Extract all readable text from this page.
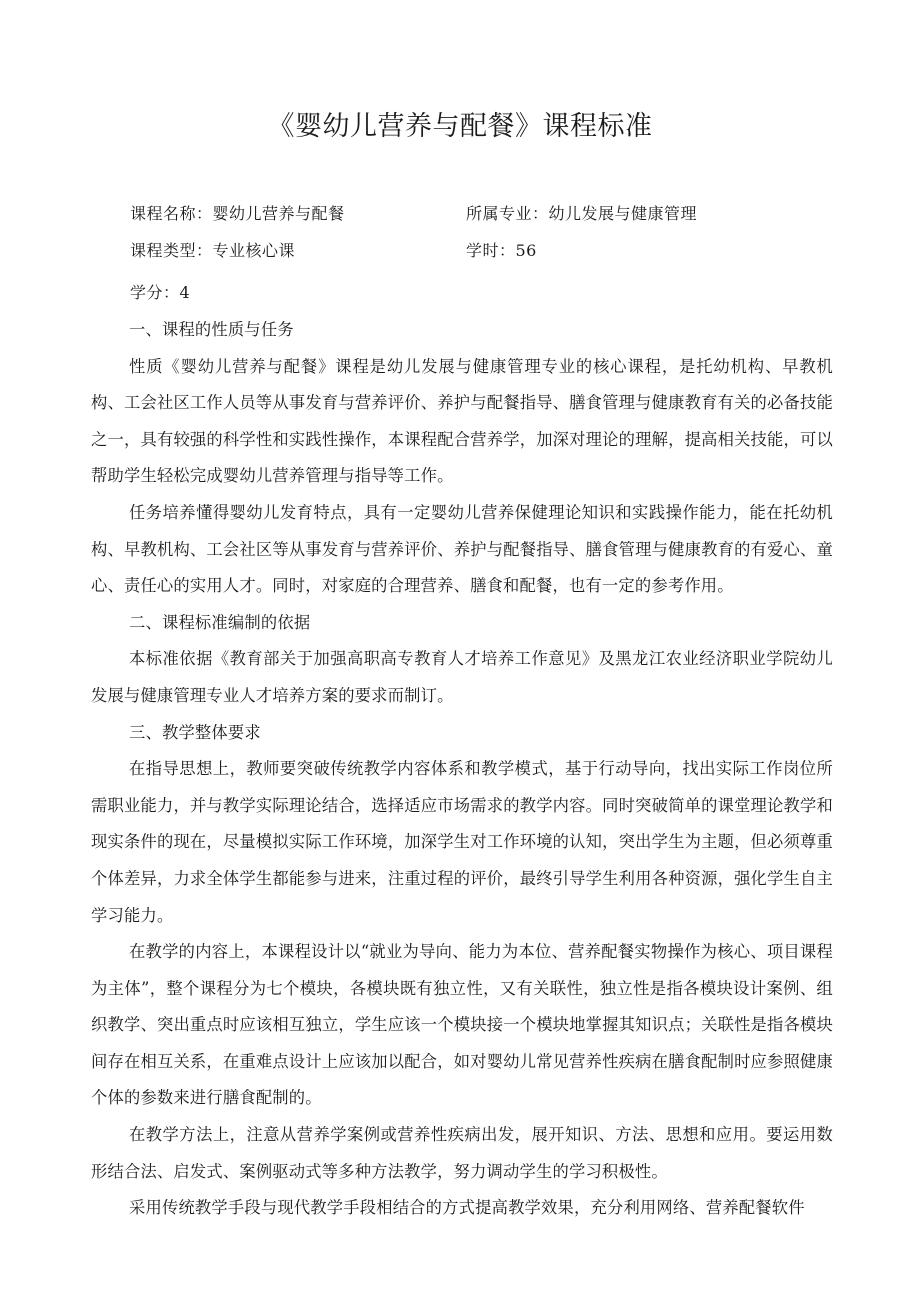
《婴幼儿营养与配餐》课程标准
课程名称：婴幼儿营养与配餐	所属专业：幼儿发展与健康管理
课程类型：专业核心课	学时：56
学分：4

一、课程的性质与任务

性质《婴幼儿营养与配餐》课程是幼儿发展与健康管理专业的核心课程，是托幼机构、早教机构、工会社区工作人员等从事发育与营养评价、养护与配餐指导、膳食管理与健康教育有关的必备技能之一，具有较强的科学性和实践性操作，本课程配合营养学，加深对理论的理解，提高相关技能，可以帮助学生轻松完成婴幼儿营养管理与指导等工作。

任务培养懂得婴幼儿发育特点，具有一定婴幼儿营养保健理论知识和实践操作能力，能在托幼机构、早教机构、工会社区等从事发育与营养评价、养护与配餐指导、膳食管理与健康教育的有爱心、童心、责任心的实用人才。同时，对家庭的合理营养、膳食和配餐，也有一定的参考作用。

二、课程标准编制的依据

本标准依据《教育部关于加强高职高专教育人才培养工作意见》及黑龙江农业经济职业学院幼儿发展与健康管理专业人才培养方案的要求而制订。

三、教学整体要求

在指导思想上，教师要突破传统教学内容体系和教学模式，基于行动导向，找出实际工作岗位所需职业能力，并与教学实际理论结合，选择适应市场需求的教学内容。同时突破简单的课堂理论教学和现实条件的现在，尽量模拟实际工作环境，加深学生对工作环境的认知，突出学生为主题，但必须尊重个体差异，力求全体学生都能参与进来，注重过程的评价，最终引导学生利用各种资源，强化学生自主学习能力。

在教学的内容上，本课程设计以“就业为导向、能力为本位、营养配餐实物操作为核心、项目课程为主体”，整个课程分为七个模块，各模块既有独立性，又有关联性，独立性是指各模块设计案例、组织教学、突出重点时应该相互独立，学生应该一个模块接一个模块地掌握其知识点；关联性是指各模块间存在相互关系，在重难点设计上应该加以配合，如对婴幼儿常见营养性疾病在膳食配制时应参照健康个体的参数来进行膳食配制的。

在教学方法上，注意从营养学案例或营养性疾病出发，展开知识、方法、思想和应用。要运用数形结合法、启发式、案例驱动式等多种方法教学，努力调动学生的学习积极性。

采用传统教学手段与现代教学手段相结合的方式提高教学效果，充分利用网络、营养配餐软件
